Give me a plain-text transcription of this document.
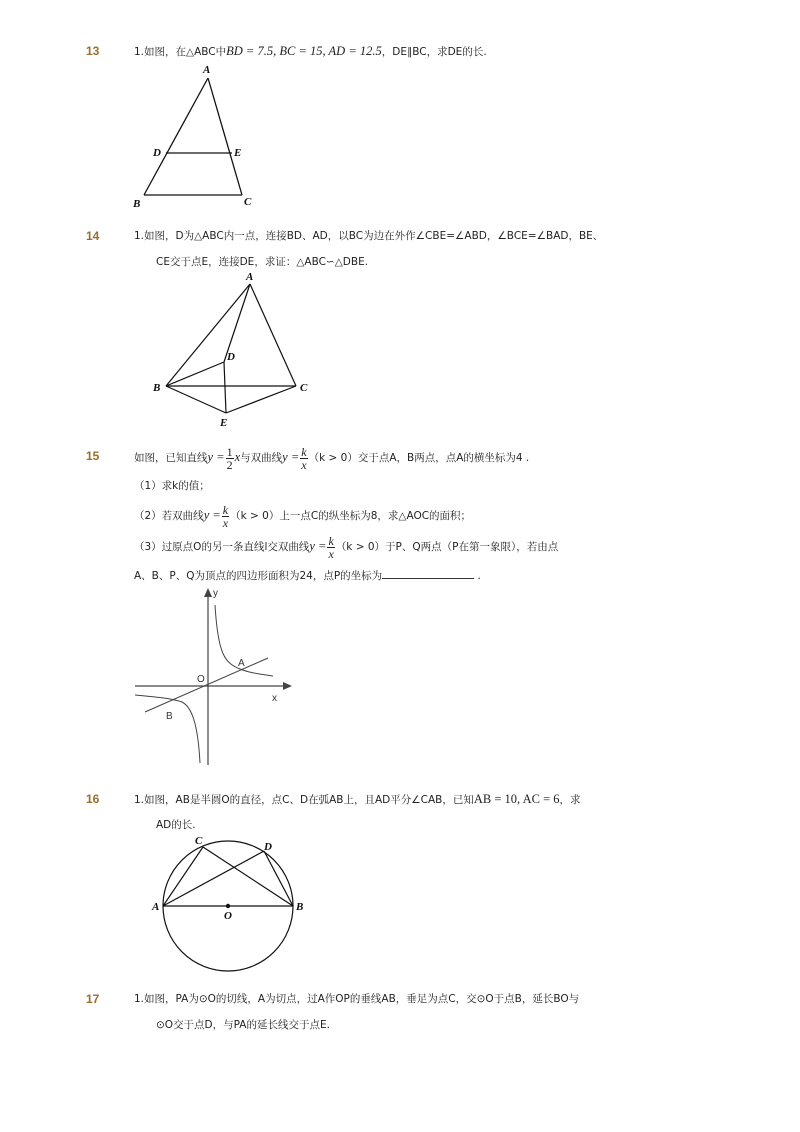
13	1.如图，在△ABC中BD = 7.5, BC = 15, AD = 12.5，DE∥BC，求DE的长.
A
D	E
B	C
14	1.如图，D为△ABC内一点，连接BD、AD，以BC为边在外作∠CBE=∠ABD，∠BCE=∠BAD，BE、
CE交于点E，连接DE，求证：△ABC∽△DBE.
A
D
B	C
E
15	如图，已知直线$y = \frac{1}{2}$ x与双曲线$y = \frac{k}{x} (k > 0)$交于点A，B两点，点A的横坐标为4 .
（1）求k的值；
（2）若双曲线$y = \frac{k}{x} (k > 0)$上一点C的纵坐标为8，求△AOC的面积；
（3）过原点O的另一条直线l交双曲线$y = \frac{k}{x} (k > 0)$于P、Q两点（P在第一象限），若由点
A、B、P、Q为顶点的四边形面积为24，点P的坐标为	.
y
x
O
A
B
16	1.如图，AB是半圆O的直径，点C、D在弧AB上，且AD平分∠CAB，已知AB = 10, AC = 6，求
AD的长.
C	D
A	B
O
17	1.如图，PA为⊙O的切线，A为切点，过A作OP的垂线AB，垂足为点C，交⊙O于点B，延长BO与
⊙O交于点D，与PA的延长线交于点E.
